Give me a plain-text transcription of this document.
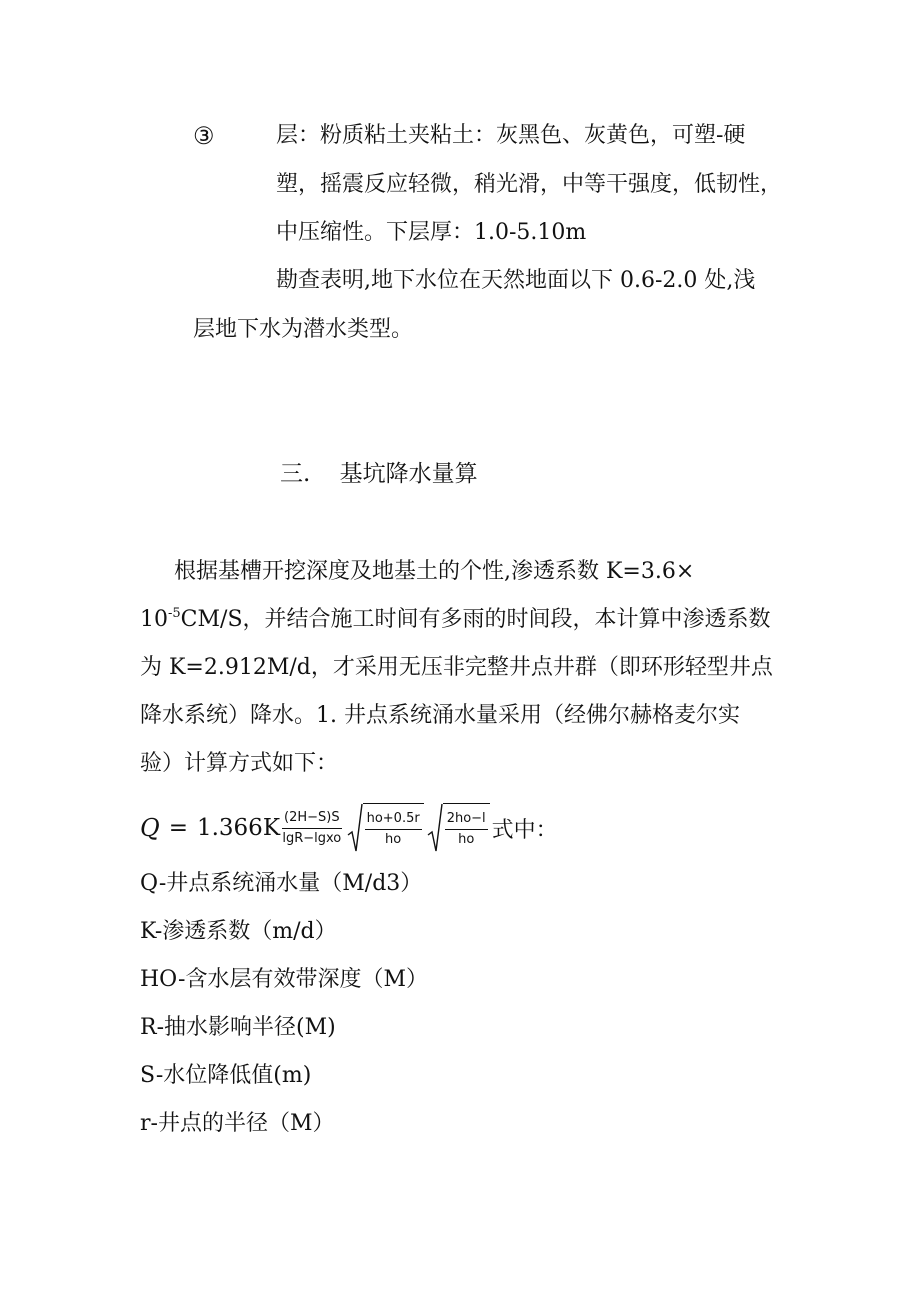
③	层：粉质粘土夹粘土：灰黑色、灰黄色，可塑-硬
塑，摇震反应轻微，稍光滑，中等干强度，低韧性，
中压缩性。下层厚：1.0-5.10m
勘查表明,地下水位在天然地面以下 0.6-2.0 处,浅
层地下水为潜水类型。
三. 基坑降水量算
根据基槽开挖深度及地基土的个性,渗透系数 K=3.6×
$10^{-5}CM/S$，并结合施工时间有多雨的时间段，本计算中渗透系数
为 K=2.912M/d，才采用无压非完整井点井群（即环形轻型井点
降水系统）降水。1. 井点系统涌水量采用（经佛尔赫格麦尔实
验）计算方式如下：
$Q = 1.366K \frac{(2H-S)S}{\text{lgR−lgxo}} \frac{ho+0.5r}{ho} \frac{2ho-l}{ho}$ 式中：
Q-井点系统涌水量（M/d3）
K-渗透系数（m/d）
HO-含水层有效带深度（M）
R-抽水影响半径(M)
S-水位降低值(m)
r-井点的半径（M）
